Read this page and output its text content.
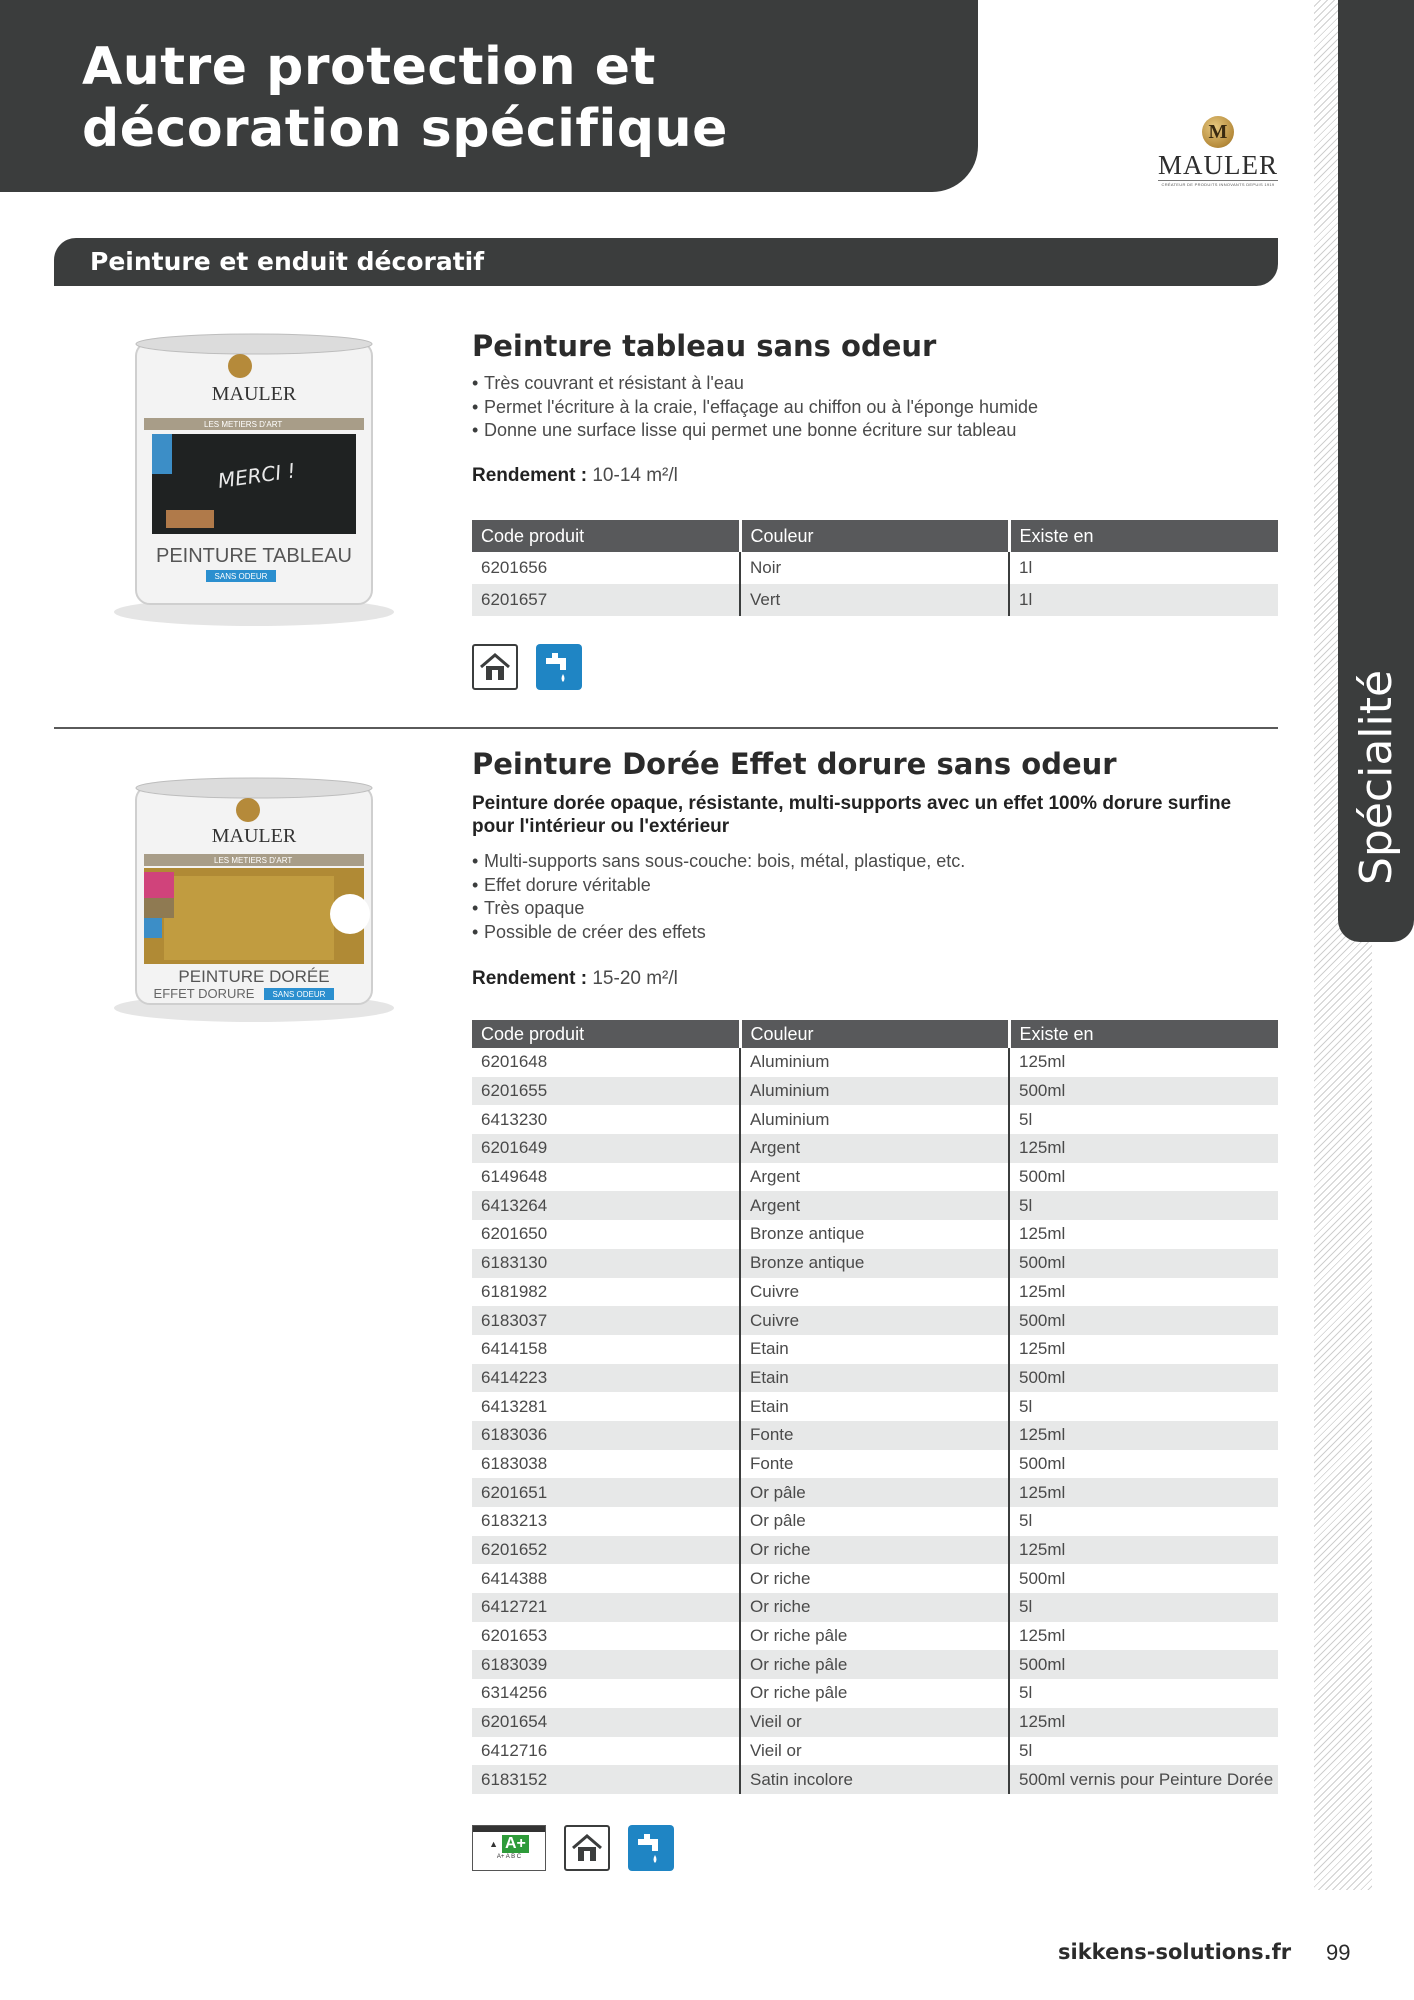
Autre protection et
décoration spécifique	M
MAULER
CRÉATEUR DE PRODUITS INNOVANTS DEPUIS 1919
Peinture et enduit décoratif
MAULER
LES METIERS D'ART
MERCI !
PEINTURE TABLEAU
SANS ODEUR
Peinture tableau sans odeur
• Très couvrant et résistant à l'eau
• Permet l'écriture à la craie, l'effaçage au chiffon ou à l'éponge humide
• Donne une surface lisse qui permet une bonne écriture sur tableau
Rendement : 10-14 m²/l
Code produit	Couleur	Existe en
6201656	Noir	1l
6201657	Vert	1l
MAULER
LES METIERS D'ART
PEINTURE DORÉE
EFFET DORURE SANS ODEUR
Peinture Dorée Effet dorure sans odeur
Peinture dorée opaque, résistante, multi-supports avec un effet 100% dorure surfine pour l'intérieur ou l'extérieur
• Multi-supports sans sous-couche: bois, métal, plastique, etc.
• Effet dorure véritable
• Très opaque
• Possible de créer des effets
Rendement : 15-20 m²/l
Code produit	Couleur	Existe en
6201648	Aluminium	125ml
6201655	Aluminium	500ml
6413230	Aluminium	5l
6201649	Argent	125ml
6149648	Argent	500ml
6413264	Argent	5l
6201650	Bronze antique	125ml
6183130	Bronze antique	500ml
6181982	Cuivre	125ml
6183037	Cuivre	500ml
6414158	Etain	125ml
6414223	Etain	500ml
6413281	Etain	5l
6183036	Fonte	125ml
6183038	Fonte	500ml
6201651	Or pâle	125ml
6183213	Or pâle	5l
6201652	Or riche	125ml
6414388	Or riche	500ml
6412721	Or riche	5l
6201653	Or riche pâle	125ml
6183039	Or riche pâle	500ml
6314256	Or riche pâle	5l
6201654	Vieil or	125ml
6412716	Vieil or	5l
6183152	Satin incolore	500ml vernis pour Peinture Dorée
▲ A+
A+ A B C
sikkens-solutions.fr 99
